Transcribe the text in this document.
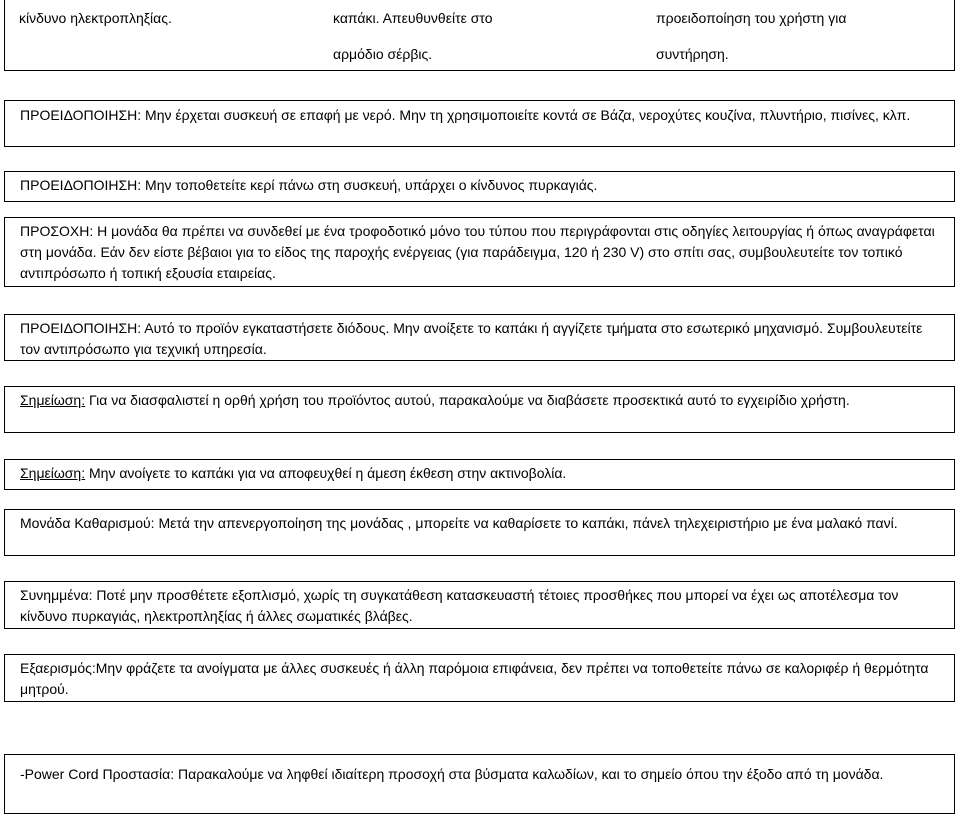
κίνδυνο ηλεκτροπληξίας.	καπάκι. Απευθυνθείτε στο
αρμόδιο σέρβις.
προειδοποίηση του χρήστη για
συντήρηση.

ΠΡΟΕΙΔΟΠΟΙΗΣΗ: Μην έρχεται συσκευή σε επαφή με νερό. Μην τη χρησιμοποιείτε κοντά σε Βάζα, νεροχύτες κουζίνα, πλυντήριο, πισίνες, κλπ.

ΠΡΟΕΙΔΟΠΟΙΗΣΗ: Μην τοποθετείτε κερί πάνω στη συσκευή, υπάρχει ο κίνδυνος πυρκαγιάς.

ΠΡΟΣΟΧΗ: Η μονάδα θα πρέπει να συνδεθεί με ένα τροφοδοτικό μόνο του τύπου που περιγράφονται στις οδηγίες λειτουργίας ή όπως αναγράφεται στη μονάδα. Εάν δεν είστε βέβαιοι για το είδος της παροχής ενέργειας (για παράδειγμα, 120 ή 230 V) στο σπίτι σας, συμβουλευτείτε τον τοπικό αντιπρόσωπο ή τοπική εξουσία εταιρείας.

ΠΡΟΕΙΔΟΠΟΙΗΣΗ: Αυτό το προϊόν εγκαταστήσετε διόδους. Μην ανοίξετε το καπάκι ή αγγίζετε τμήματα στο εσωτερικό μηχανισμό. Συμβουλευτείτε τον αντιπρόσωπο για τεχνική υπηρεσία.

Σημείωση: Για να διασφαλιστεί η ορθή χρήση του προϊόντος αυτού, παρακαλούμε να διαβάσετε προσεκτικά αυτό το εγχειρίδιο χρήστη.

Σημείωση: Μην ανοίγετε το καπάκι για να αποφευχθεί η άμεση έκθεση στην ακτινοβολία.

Μονάδα Καθαρισμού: Μετά την απενεργοποίηση της μονάδας , μπορείτε να καθαρίσετε το καπάκι, πάνελ τηλεχειριστήριο με ένα μαλακό πανί.

Συνημμένα: Ποτέ μην προσθέτετε εξοπλισμό, χωρίς τη συγκατάθεση κατασκευαστή τέτοιες προσθήκες που μπορεί να έχει ως αποτέλεσμα τον κίνδυνο πυρκαγιάς, ηλεκτροπληξίας ή άλλες σωματικές βλάβες.

Εξαερισμός:Μην φράζετε τα ανοίγματα με άλλες συσκευές ή άλλη παρόμοια επιφάνεια, δεν πρέπει να τοποθετείτε πάνω σε καλοριφέρ ή θερμότητα μητρού.

-Power Cord Προστασία: Παρακαλούμε να ληφθεί ιδιαίτερη προσοχή στα βύσματα καλωδίων, και το σημείο όπου την έξοδο από τη μονάδα.
